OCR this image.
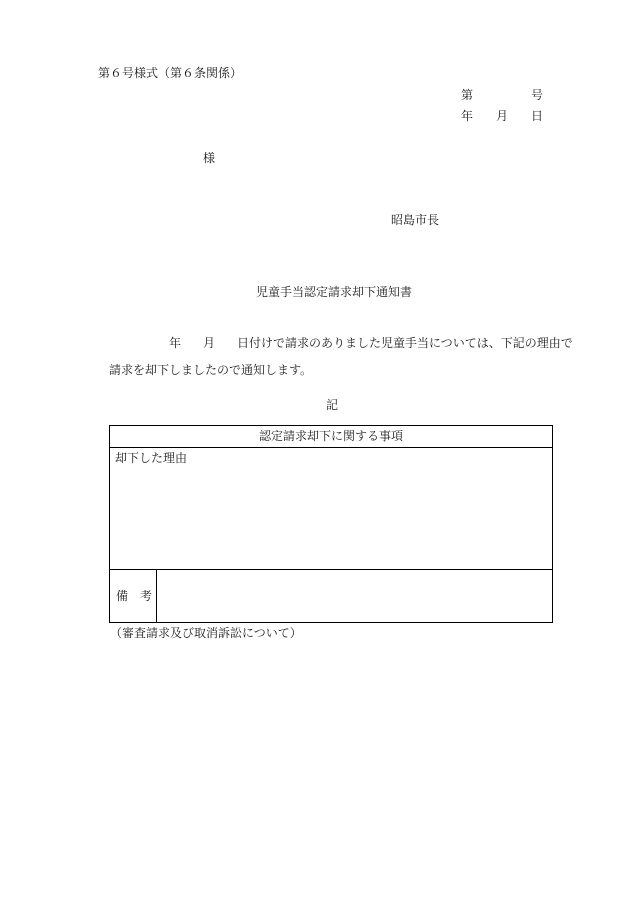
第６号様式（第６条関係）
第	号
年 月 日
様
昭島市長
児童手当認定請求却下通知書
年 月 日付けで請求のありました児童手当については、下記の理由で
請求を却下しましたので通知します。
記
認定請求却下に関する事項
却下した理由
備　考
（審査請求及び取消訴訟について）
